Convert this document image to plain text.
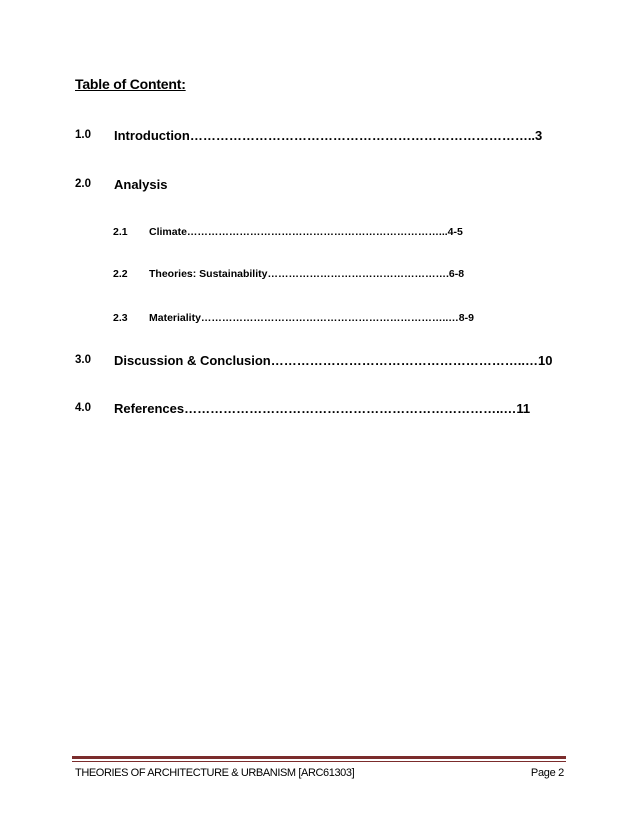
Table of Content:
1.0 Introduction……………………………………………………………………..3
2.0 Analysis
2.1 Climate………………………………………………………………...4-5
2.2 Theories: Sustainability…………………………………………….6-8
2.3 Materiality……………………………………………………………..…8-9
3.0 Discussion & Conclusion…………………………………………………..…10
4.0 References………………………………………………………………..…11
THEORIES OF ARCHITECTURE & URBANISM [ARC61303]	Page 2
